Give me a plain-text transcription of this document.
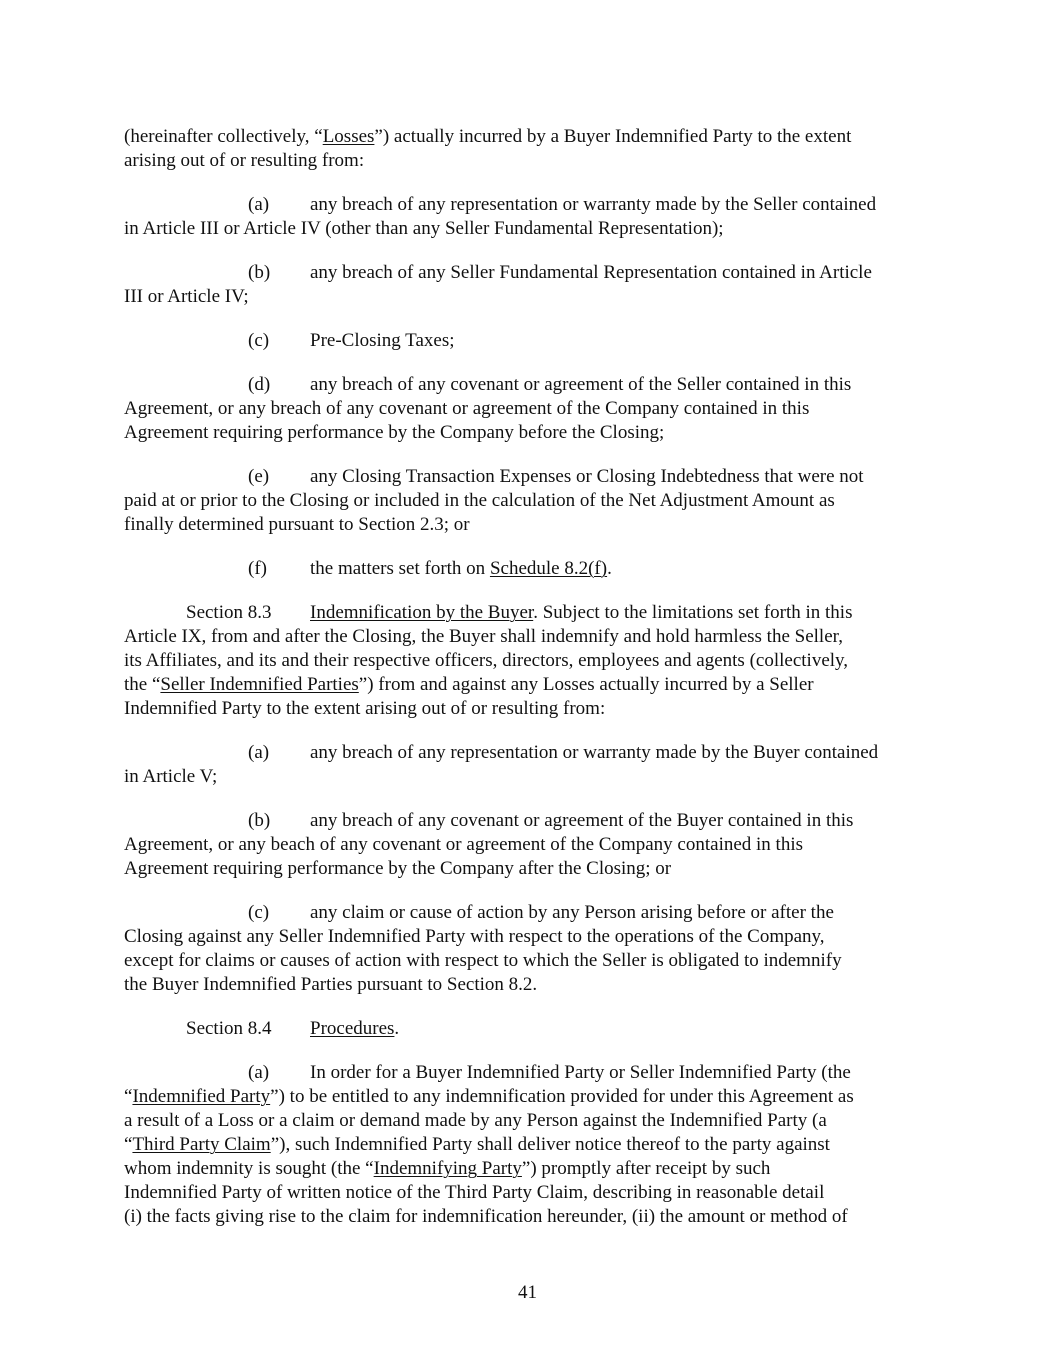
(hereinafter collectively, “Losses”) actually incurred by a Buyer Indemnified Party to the extent
arising out of or resulting from:

(a) any breach of any representation or warranty made by the Seller contained
in Article III or Article IV (other than any Seller Fundamental Representation);

(b) any breach of any Seller Fundamental Representation contained in Article
III or Article IV;

(c) Pre-Closing Taxes;

(d) any breach of any covenant or agreement of the Seller contained in this
Agreement, or any breach of any covenant or agreement of the Company contained in this
Agreement requiring performance by the Company before the Closing;

(e) any Closing Transaction Expenses or Closing Indebtedness that were not
paid at or prior to the Closing or included in the calculation of the Net Adjustment Amount as
finally determined pursuant to Section 2.3; or

(f) the matters set forth on Schedule 8.2(f).

Section 8.3 Indemnification by the Buyer. Subject to the limitations set forth in this
Article IX, from and after the Closing, the Buyer shall indemnify and hold harmless the Seller,
its Affiliates, and its and their respective officers, directors, employees and agents (collectively,
the “Seller Indemnified Parties”) from and against any Losses actually incurred by a Seller
Indemnified Party to the extent arising out of or resulting from:

(a) any breach of any representation or warranty made by the Buyer contained
in Article V;

(b) any breach of any covenant or agreement of the Buyer contained in this
Agreement, or any beach of any covenant or agreement of the Company contained in this
Agreement requiring performance by the Company after the Closing; or

(c) any claim or cause of action by any Person arising before or after the
Closing against any Seller Indemnified Party with respect to the operations of the Company,
except for claims or causes of action with respect to which the Seller is obligated to indemnify
the Buyer Indemnified Parties pursuant to Section 8.2.

Section 8.4 Procedures.

(a) In order for a Buyer Indemnified Party or Seller Indemnified Party (the
“Indemnified Party”) to be entitled to any indemnification provided for under this Agreement as
a result of a Loss or a claim or demand made by any Person against the Indemnified Party (a
“Third Party Claim”), such Indemnified Party shall deliver notice thereof to the party against
whom indemnity is sought (the “Indemnifying Party”) promptly after receipt by such
Indemnified Party of written notice of the Third Party Claim, describing in reasonable detail
(i) the facts giving rise to the claim for indemnification hereunder, (ii) the amount or method of

41
